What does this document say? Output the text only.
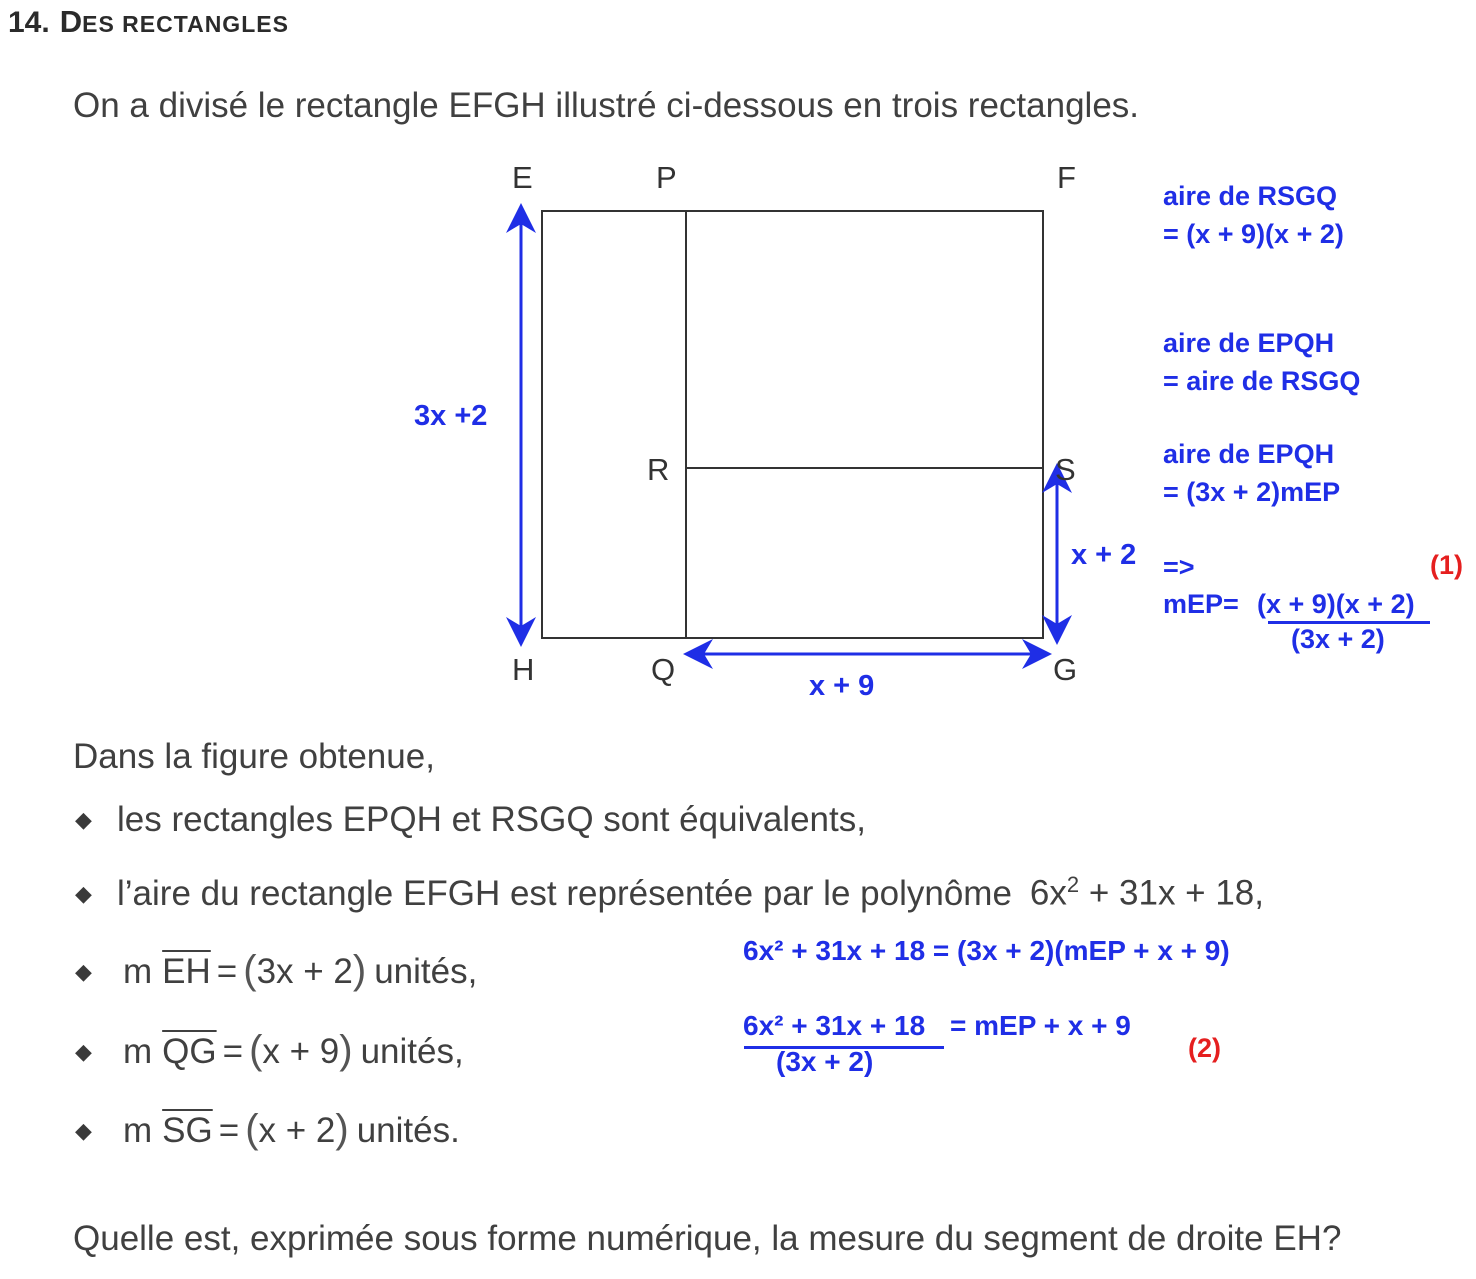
14. DES RECTANGLES
On a divisé le rectangle EFGH illustré ci-dessous en trois rectangles.
E	P	F
R	S
H	Q	G
3x +2
x + 2
x + 9
aire de RSGQ
= (x + 9)(x + 2)
aire de EPQH
= aire de RSGQ
aire de EPQH
= (3x + 2)mEP
=>	(1)
mEP= (x + 9)(x + 2)
(3x + 2)
Dans la figure obtenue,
◆ les rectangles EPQH et RSGQ sont équivalents,
◆ l’aire du rectangle EFGH est représentée par le polynôme $6x^2 + 31x + 18$,
◆ m $\overline{EH}$ = ( 3x + 2 ) unités,
◆ m $\overline{QG}$ = ( x + 9 ) unités,
◆ m $\overline{SG}$ = ( x + 2 ) unités.
6x² + 31x + 18 = (3x + 2)(mEP + x + 9)
6x² + 31x + 18 = mEP + x + 9
(3x + 2)	(2)
Quelle est, exprimée sous forme numérique, la mesure du segment de droite EH?
